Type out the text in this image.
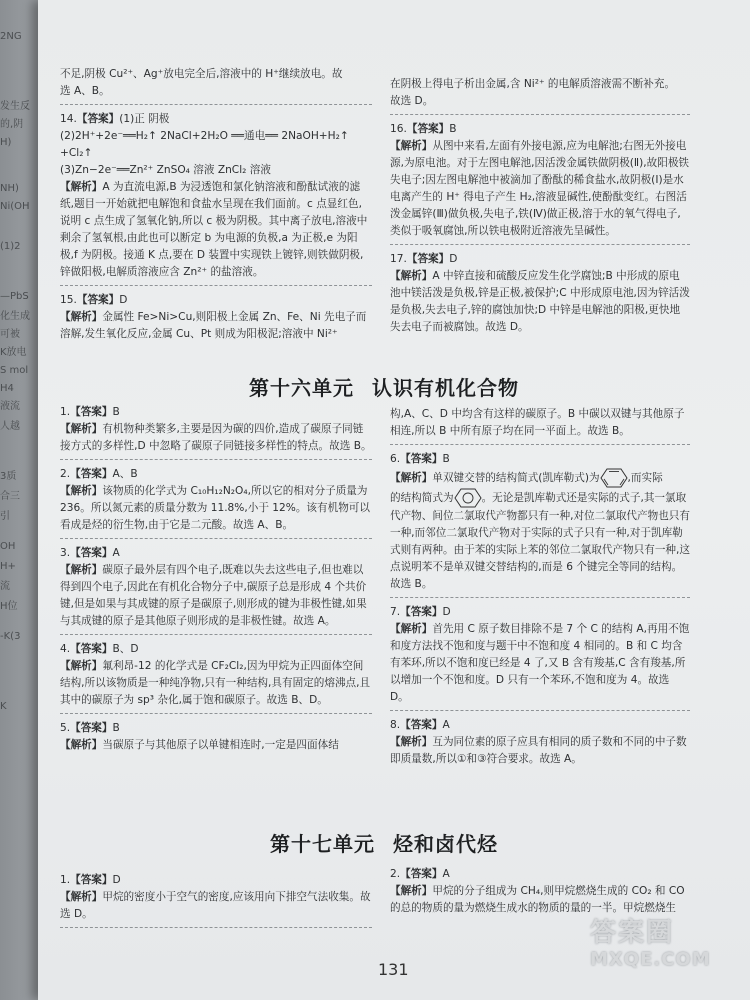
2NG
发生反
的,阴
H)
NH)
Ni(OH
(1)2
—PbS
化生成
可被
K放电
S mol
H4
液流
人越
3质
合三
引
OH
H+
流
H位
-K(3
K

不足,阴极 Cu²⁺、Ag⁺放电完全后,溶液中的 H⁺继续放电。故

选 A、B。

14.【答案】(1)正 阴极

(2)2H⁺+2e⁻══H₂↑ 2NaCl+2H₂O ══通电══ 2NaOH+H₂↑

+Cl₂↑

(3)Zn−2e⁻══Zn²⁺ ZnSO₄ 溶液 ZnCl₂ 溶液

【解析】A 为直流电源,B 为浸透饱和氯化钠溶液和酚酞试液的滤纸,题目一开始就把电解饱和食盐水呈现在我们面前。c 点显红色,说明 c 点生成了氢氧化钠,所以 c 极为阴极。其中离子放电,溶液中剩余了氢氧根,由此也可以断定 b 为电源的负极,a 为正极,e 为阳极,f 为阴极。接通 K 点,要在 D 装置中实现铁上镀锌,则铁做阴极,锌做阳极,电解质溶液应含 Zn²⁺ 的盐溶液。

15.【答案】D

【解析】金属性 Fe>Ni>Cu,则阳极上金属 Zn、Fe、Ni 先电子而溶解,发生氧化反应,金属 Cu、Pt 则成为阳极泥;溶液中 Ni²⁺

在阴极上得电子析出金属,含 Ni²⁺ 的电解质溶液需不断补充。

故选 D。

16.【答案】B

【解析】从图中来看,左面有外接电源,应为电解池;右图无外接电源,为原电池。对于左图电解池,因活泼金属铁做阴极(Ⅱ),故阳极铁失电子;因左图电解池中被滴加了酚酞的稀食盐水,故阴极(Ⅰ)是水电离产生的 H⁺ 得电子产生 H₂,溶液显碱性,使酚酞变红。右图活泼金属锌(Ⅲ)做负极,失电子,铁(Ⅳ)做正极,溶于水的氧气得电子,类似于吸氧腐蚀,所以铁电极附近溶液先呈碱性。

17.【答案】D

【解析】A 中锌直接和硫酸反应发生化学腐蚀;B 中形成的原电池中镁活泼是负极,锌是正极,被保护;C 中形成原电池,因为锌活泼是负极,失去电子,锌的腐蚀加快;D 中锌是电解池的阳极,更快地失去电子而被腐蚀。故选 D。

第十六单元 认识有机化合物

1.【答案】B

【解析】有机物种类繁多,主要是因为碳的四价,造成了碳原子同链接方式的多样性,D 中忽略了碳原子同链接多样性的特点。故选 B。

2.【答案】A、B

【解析】该物质的化学式为 C₁₀H₁₂N₂O₄,所以它的相对分子质量为 236。所以氮元素的质量分数为 11.8%,小于 12%。该有机物可以看成是烃的衍生物,由于它是二元酸。故选 A、B。

3.【答案】A

【解析】碳原子最外层有四个电子,既难以失去这些电子,但也难以得到四个电子,因此在有机化合物分子中,碳原子总是形成 4 个共价键,但是如果与其成键的原子是碳原子,则形成的键为非极性键,如果与其成键的原子是其他原子则形成的是非极性键。故选 A。

4.【答案】B、D

【解析】氟利昂-12 的化学式是 CF₂Cl₂,因为甲烷为正四面体空间结构,所以该物质是一种纯净物,只有一种结构,具有固定的熔沸点,且其中的碳原子为 sp³ 杂化,属于饱和碳原子。故选 B、D。

5.【答案】B

【解析】当碳原子与其他原子以单键相连时,一定是四面体结

构,A、C、D 中均含有这样的碳原子。B 中碳以双键与其他原子

相连,所以 B 中所有原子均在同一平面上。故选 B。

6.【答案】B

【解析】单双键交替的结构简式(凯库勒式)为	,而实际

的结构简式为	。无论是凯库勒式还是实际的式子,其一氯取代产物、间位二氯取代产物都只有一种,对位二氯取代产物也只有一种,而邻位二氯取代产物对于实际的式子只有一种,对于凯库勒式则有两种。由于苯的实际上苯的邻位二氯取代产物只有一种,这点说明苯不是单双键交替结构的,而是 6 个键完全等同的结构。故选 B。

7.【答案】D

【解析】首先用 C 原子数目排除不是 7 个 C 的结构 A,再用不饱和度方法找不饱和度与题干中不饱和度 4 相同的。B 和 C 均含有苯环,所以不饱和度已经是 4 了,又 B 含有羧基,C 含有羧基,所以增加一个不饱和度。D 只有一个苯环,不饱和度为 4。故选 D。

8.【答案】A

【解析】互为同位素的原子应具有相同的质子数和不同的中子数即质量数,所以①和③符合要求。故选 A。

第十七单元 烃和卤代烃

1.【答案】D

【解析】甲烷的密度小于空气的密度,应该用向下排空气法收集。故选 D。

2.【答案】A

【解析】甲烷的分子组成为 CH₄,则甲烷燃烧生成的 CO₂ 和 CO 的总的物质的量为燃烧生成水的物质的量的一半。甲烷燃烧生

131
答案圈
MXQE.COM
